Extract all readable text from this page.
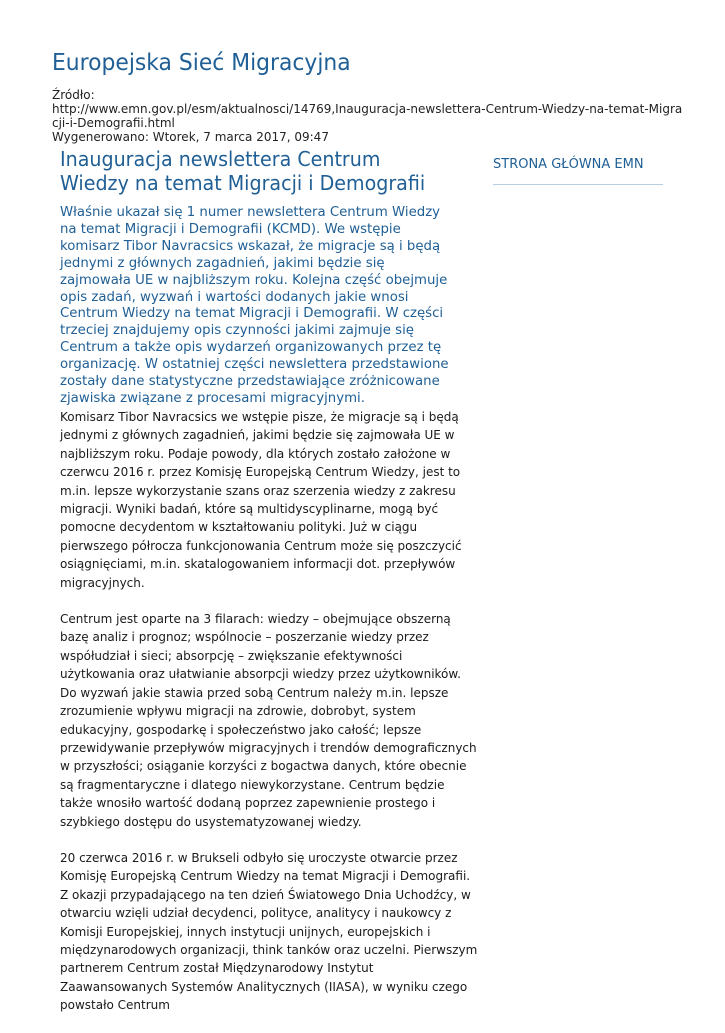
Europejska Sieć Migracyjna
Źródło:
http://www.emn.gov.pl/esm/aktualnosci/14769,Inauguracja-newslettera-Centrum-Wiedzy-na-temat-Migracji-i-Demografii.html
Wygenerowano: Wtorek, 7 marca 2017, 09:47
Inauguracja newslettera Centrum Wiedzy na temat Migracji i Demografii
Właśnie ukazał się 1 numer newslettera Centrum Wiedzy na temat Migracji i Demografii (KCMD). We wstępie komisarz Tibor Navracsics wskazał, że migracje są i będą jednymi z głównych zagadnień, jakimi będzie się zajmowała UE w najbliższym roku. Kolejna część obejmuje opis zadań, wyzwań i wartości dodanych jakie wnosi Centrum Wiedzy na temat Migracji i Demografii. W części trzeciej znajdujemy opis czynności jakimi zajmuje się Centrum a także opis wydarzeń organizowanych przez tę organizację. W ostatniej części newslettera przedstawione zostały dane statystyczne przedstawiające zróżnicowane zjawiska związane z procesami migracyjnymi.

Komisarz Tibor Navracsics we wstępie pisze, że migracje są i będą jednymi z głównych zagadnień, jakimi będzie się zajmowała UE w najbliższym roku. Podaje powody, dla których zostało założone w czerwcu 2016 r. przez Komisję Europejską Centrum Wiedzy, jest to m.in. lepsze wykorzystanie szans oraz szerzenia wiedzy z zakresu migracji. Wyniki badań, które są multidyscyplinarne, mogą być pomocne decydentom w kształtowaniu polityki. Już w ciągu pierwszego półrocza funkcjonowania Centrum może się poszczycić osiągnięciami, m.in. skatalogowaniem informacji dot. przepływów migracyjnych.

Centrum jest oparte na 3 filarach: wiedzy – obejmujące obszerną bazę analiz i prognoz; wspólnocie – poszerzanie wiedzy przez współudział i sieci; absorpcję – zwiększanie efektywności użytkowania oraz ułatwianie absorpcji wiedzy przez użytkowników. Do wyzwań jakie stawia przed sobą Centrum należy m.in. lepsze zrozumienie wpływu migracji na zdrowie, dobrobyt, system edukacyjny, gospodarkę i społeczeństwo jako całość; lepsze przewidywanie przepływów migracyjnych i trendów demograficznych w przyszłości; osiąganie korzyści z bogactwa danych, które obecnie są fragmentaryczne i dlatego niewykorzystane. Centrum będzie także wnosiło wartość dodaną poprzez zapewnienie prostego i szybkiego dostępu do usystematyzowanej wiedzy.

20 czerwca 2016 r. w Brukseli odbyło się uroczyste otwarcie przez Komisję Europejską Centrum Wiedzy na temat Migracji i Demografii. Z okazji przypadającego na ten dzień Światowego Dnia Uchodźcy, w otwarciu wzięli udział decydenci, polityce, analitycy i naukowcy z Komisji Europejskiej, innych instytucji unijnych, europejskich i międzynarodowych organizacji, think tanków oraz uczelni. Pierwszym partnerem Centrum został Międzynarodowy Instytut Zaawansowanych Systemów Analitycznych (IIASA), w wyniku czego powstało Centrum

STRONA GŁÓWNA EMN
